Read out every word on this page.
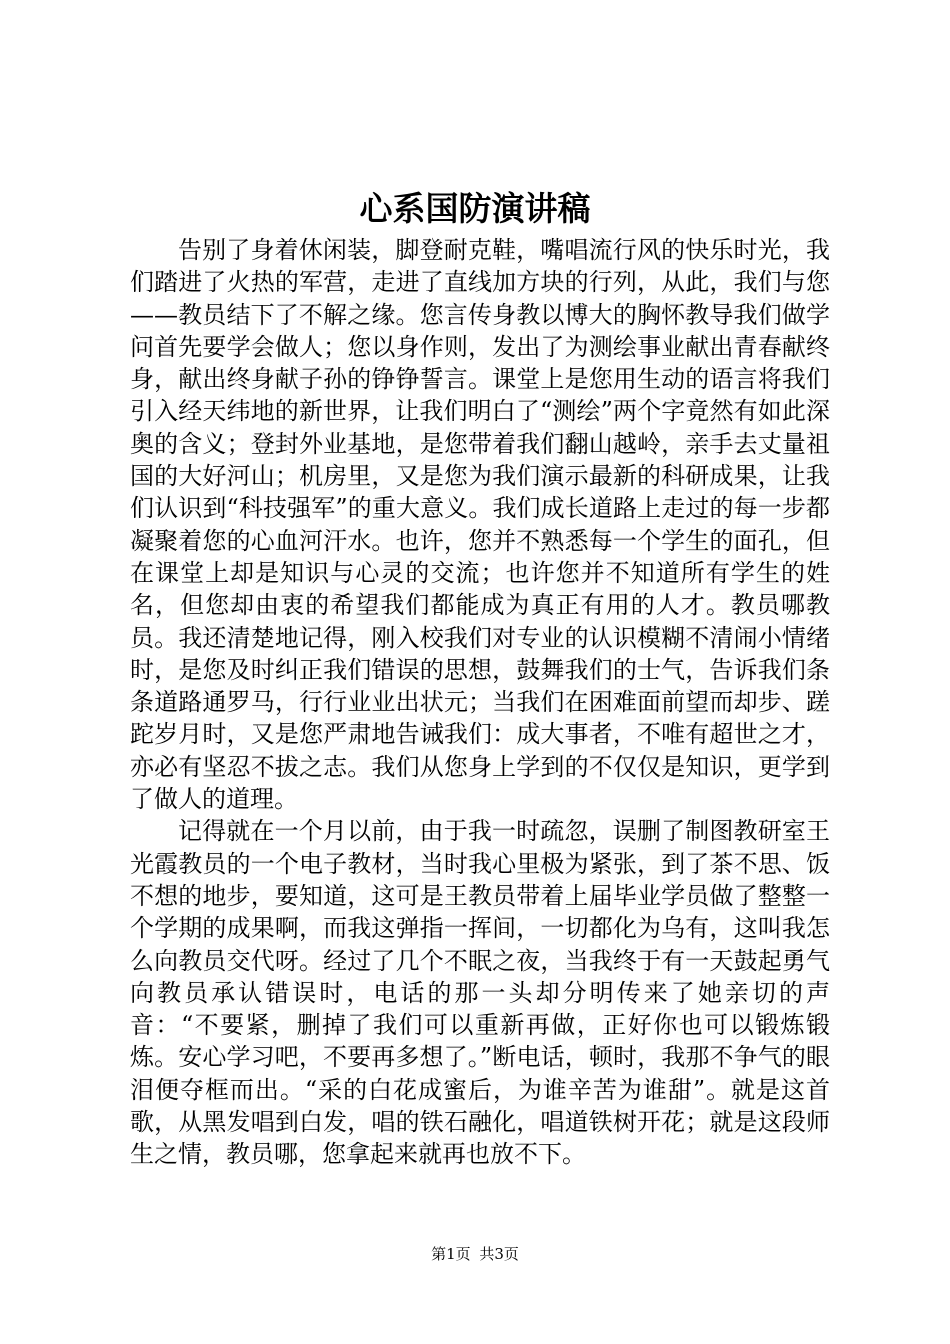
心系国防演讲稿

告别了身着休闲装，脚登耐克鞋，嘴唱流行风的快乐时光，我们踏进了火热的军营，走进了直线加方块的行列，从此，我们与您——教员结下了不解之缘。您言传身教以博大的胸怀教导我们做学问首先要学会做人；您以身作则，发出了为测绘事业献出青春献终身，献出终身献子孙的铮铮誓言。课堂上是您用生动的语言将我们引入经天纬地的新世界，让我们明白了“测绘”两个字竟然有如此深奥的含义；登封外业基地，是您带着我们翻山越岭，亲手去丈量祖国的大好河山；机房里，又是您为我们演示最新的科研成果，让我们认识到“科技强军”的重大意义。我们成长道路上走过的每一步都凝聚着您的心血河汗水。也许，您并不熟悉每一个学生的面孔，但在课堂上却是知识与心灵的交流；也许您并不知道所有学生的姓名，但您却由衷的希望我们都能成为真正有用的人才。教员哪教员。我还清楚地记得，刚入校我们对专业的认识模糊不清闹小情绪时，是您及时纠正我们错误的思想，鼓舞我们的士气，告诉我们条条道路通罗马，行行业业出状元；当我们在困难面前望而却步、蹉跎岁月时，又是您严肃地告诫我们：成大事者，不唯有超世之才，亦必有坚忍不拔之志。我们从您身上学到的不仅仅是知识，更学到了做人的道理。

记得就在一个月以前，由于我一时疏忽，误删了制图教研室王光霞教员的一个电子教材，当时我心里极为紧张，到了茶不思、饭不想的地步，要知道，这可是王教员带着上届毕业学员做了整整一个学期的成果啊，而我这弹指一挥间，一切都化为乌有，这叫我怎么向教员交代呀。经过了几个不眠之夜，当我终于有一天鼓起勇气向教员承认错误时，电话的那一头却分明传来了她亲切的声音：“不要紧，删掉了我们可以重新再做，正好你也可以锻炼锻炼。安心学习吧，不要再多想了。”断电话，顿时，我那不争气的眼泪便夺框而出。“采的白花成蜜后，为谁辛苦为谁甜”。就是这首歌，从黑发唱到白发，唱的铁石融化，唱道铁树开花；就是这段师生之情，教员哪，您拿起来就再也放不下。

第1页 共3页
